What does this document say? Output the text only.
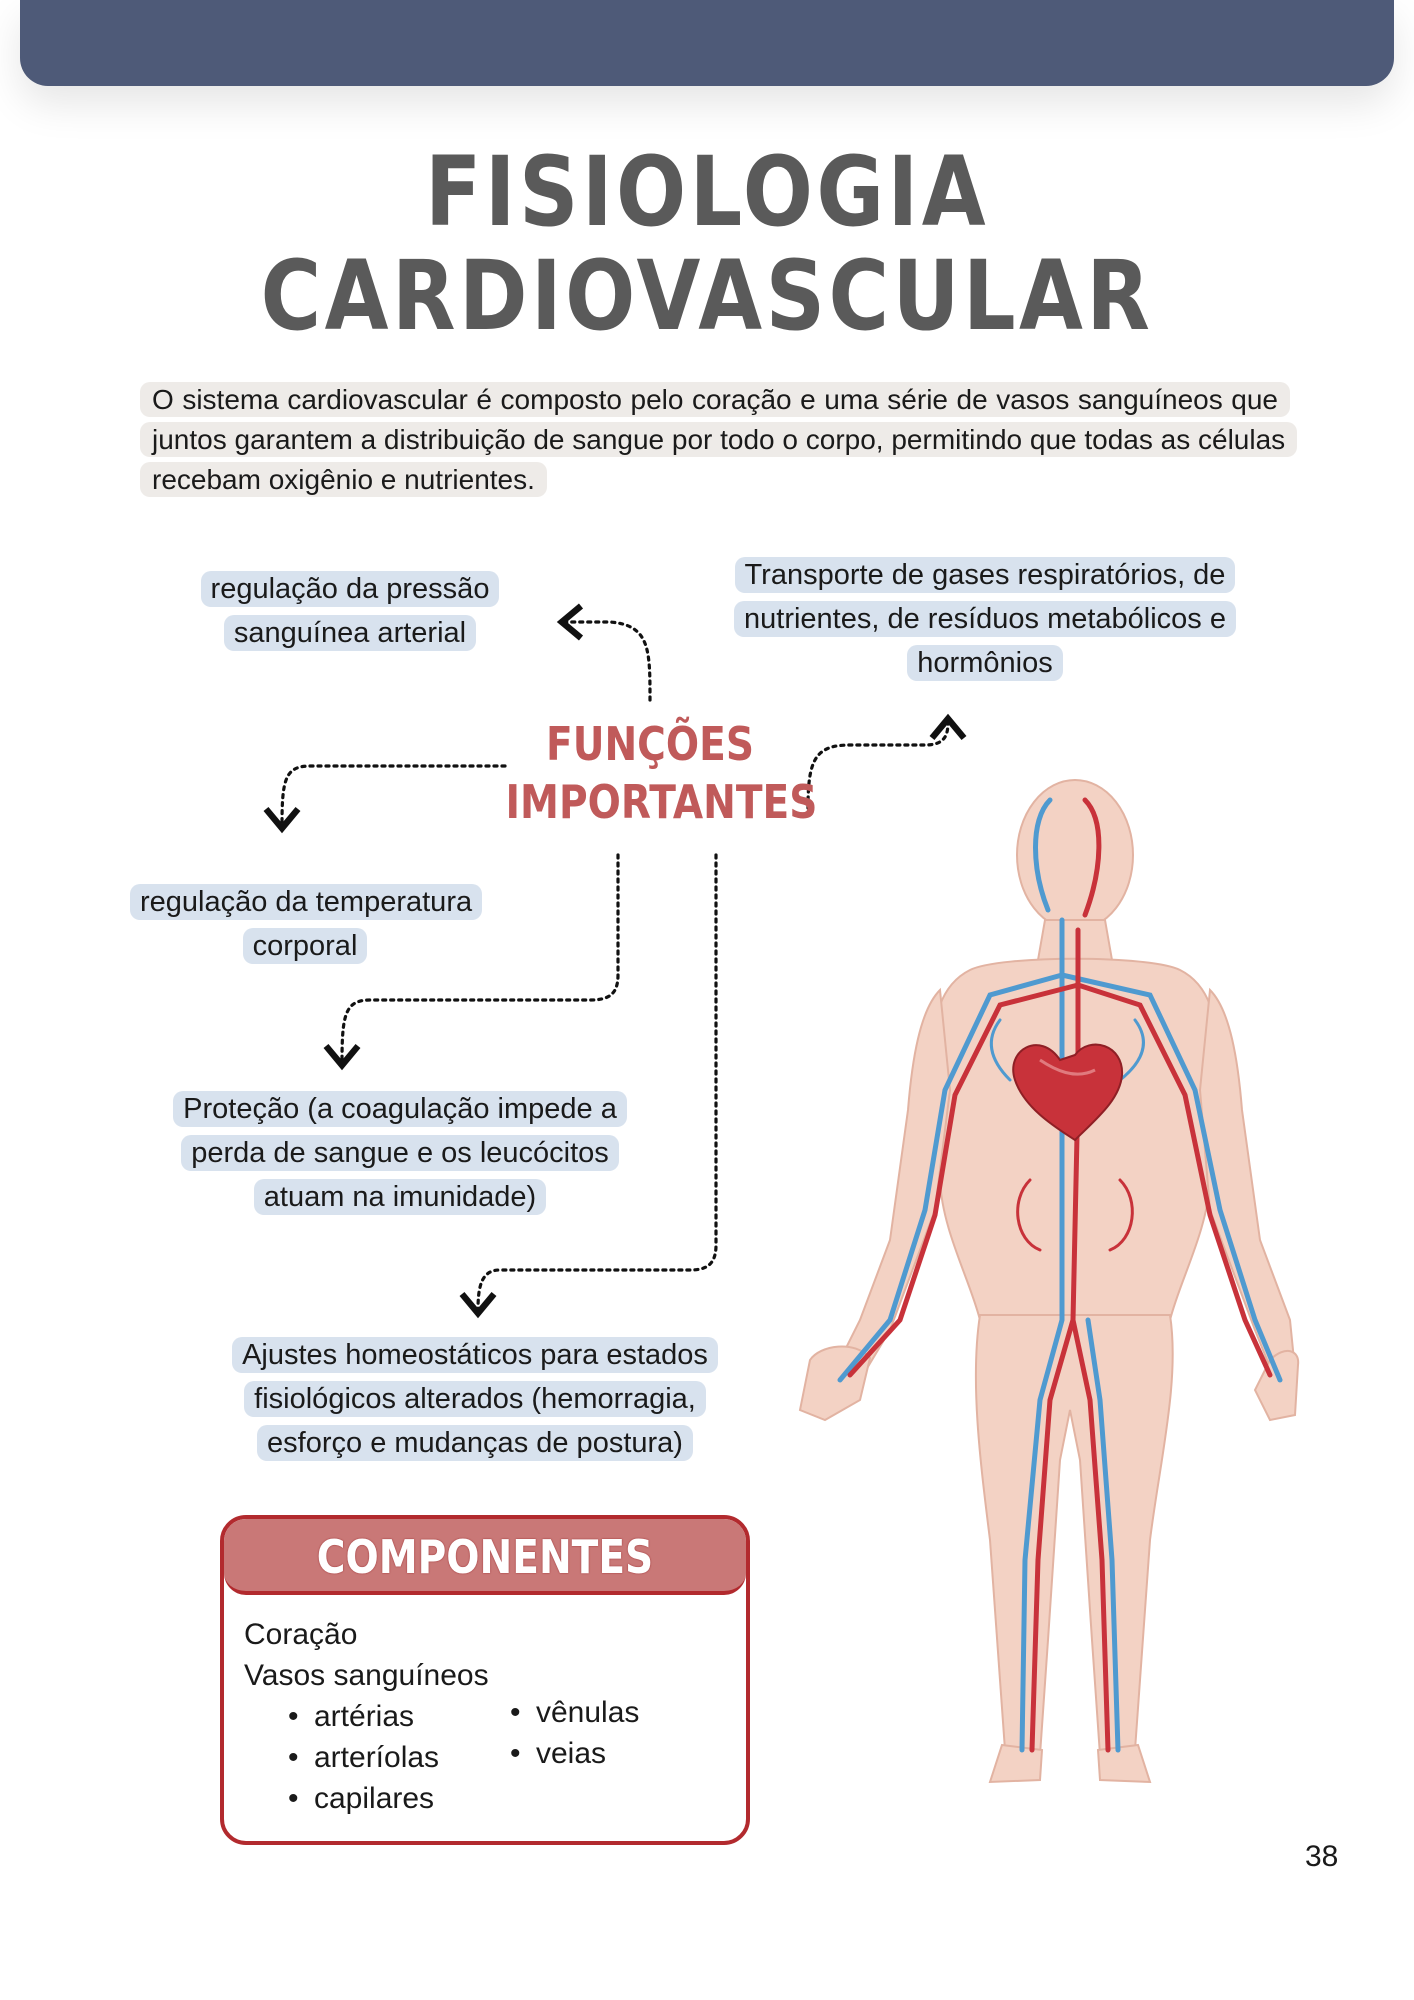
FISIOLOGIA
CARDIOVASCULAR
O sistema cardiovascular é composto pelo coração e uma série de vasos sanguíneos que juntos garantem a distribuição de sangue por todo o corpo, permitindo que todas as células recebam oxigênio e nutrientes.
FUNÇÕES
IMPORTANTES
regulação da pressão sanguínea arterial
Transporte de gases respiratórios, de nutrientes, de resíduos metabólicos e hormônios
regulação da temperatura corporal
Proteção (a coagulação impede a perda de sangue e os leucócitos atuam na imunidade)
Ajustes homeostáticos para estados fisiológicos alterados (hemorragia, esforço e mudanças de postura)
COMPONENTES
Coração
Vasos sanguíneos
• artérias
• arteríolas
• capilares
• vênulas
• veias
38
